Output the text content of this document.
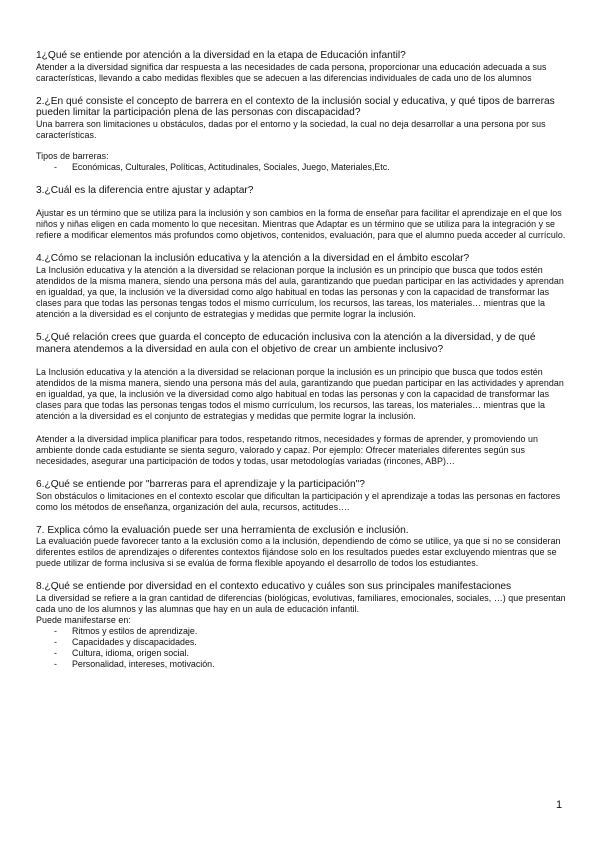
1¿Qué se entiende por atención a la diversidad en la etapa de Educación infantil?

Atender a la diversidad significa dar respuesta a las necesidades de cada persona, proporcionar una educación adecuada a sus características, llevando a cabo medidas flexibles que se adecuen a las diferencias individuales de cada uno de los alumnos

2.¿En qué consiste el concepto de barrera en el contexto de la inclusión social y educativa, y qué tipos de barreras pueden limitar la participación plena de las personas con discapacidad?

Una barrera son limitaciones u obstáculos, dadas por el entorno y la sociedad, la cual no deja desarrollar a una persona por sus características.

Tipos de barreras:

- Económicas, Culturales, Políticas, Actitudinales, Sociales, Juego, Materiales,Etc.

3.¿Cuál es la diferencia entre ajustar y adaptar?

Ajustar es un término que se utiliza para la inclusión y son cambios en la forma de enseñar para facilitar el aprendizaje en el que los niños y niñas eligen en cada momento lo que necesitan. Mientras que Adaptar es un término que se utiliza para la integración y se refiere a modificar elementos más profundos como objetivos, contenidos, evaluación, para que el alumno pueda acceder al currículo.

4.¿Cómo se relacionan la inclusión educativa y la atención a la diversidad en el ámbito escolar?

La Inclusión educativa y la atención a la diversidad se relacionan porque la inclusión es un principio que busca que todos estén atendidos de la misma manera, siendo una persona más del aula, garantizando que puedan participar en las actividades y aprendan en igualdad, ya que, la inclusión ve la diversidad como algo habitual en todas las personas y con la capacidad de transformar las clases para que todas las personas tengas todos el mismo currículum, los recursos, las tareas, los materiales… mientras que la atención a la diversidad es el conjunto de estrategias y medidas que permite lograr la inclusión.

5.¿Qué relación crees que guarda el concepto de educación inclusiva con la atención a la diversidad, y de qué manera atendemos a la diversidad en aula con el objetivo de crear un ambiente inclusivo?

La Inclusión educativa y la atención a la diversidad se relacionan porque la inclusión es un principio que busca que todos estén atendidos de la misma manera, siendo una persona más del aula, garantizando que puedan participar en las actividades y aprendan en igualdad, ya que, la inclusión ve la diversidad como algo habitual en todas las personas y con la capacidad de transformar las clases para que todas las personas tengas todos el mismo currículum, los recursos, las tareas, los materiales… mientras que la atención a la diversidad es el conjunto de estrategias y medidas que permite lograr la inclusión.

Atender a la diversidad implica planificar para todos, respetando ritmos, necesidades y formas de aprender, y promoviendo un ambiente donde cada estudiante se sienta seguro, valorado y capaz. Por ejemplo: Ofrecer materiales diferentes según sus necesidades, asegurar una participación de todos y todas, usar metodologías variadas (rincones, ABP)…

6.¿Qué se entiende por "barreras para el aprendizaje y la participación"?

Son obstáculos o limitaciones en el contexto escolar que dificultan la participación y el aprendizaje a todas las personas en factores como los métodos de enseñanza, organización del aula, recursos, actitudes….

7. Explica cómo la evaluación puede ser una herramienta de exclusión e inclusión.

La evaluación puede favorecer tanto a la exclusión como a la inclusión, dependiendo de cómo se utilice, ya que si no se consideran diferentes estilos de aprendizajes o diferentes contextos fijándose solo en los resultados puedes estar excluyendo mientras que se puede utilizar de forma inclusiva si se evalúa de forma flexible apoyando el desarrollo de todos los estudiantes.

8.¿Qué se entiende por diversidad en el contexto educativo y cuáles son sus principales manifestaciones

La diversidad se refiere a la gran cantidad de diferencias (biológicas, evolutivas, familiares, emocionales, sociales, …) que presentan cada uno de los alumnos y las alumnas que hay en un aula de educación infantil.

Puede manifestarse en:

- Ritmos y estilos de aprendizaje.
- Capacidades y discapacidades.
- Cultura, idioma, origen social.
- Personalidad, intereses, motivación.
1
